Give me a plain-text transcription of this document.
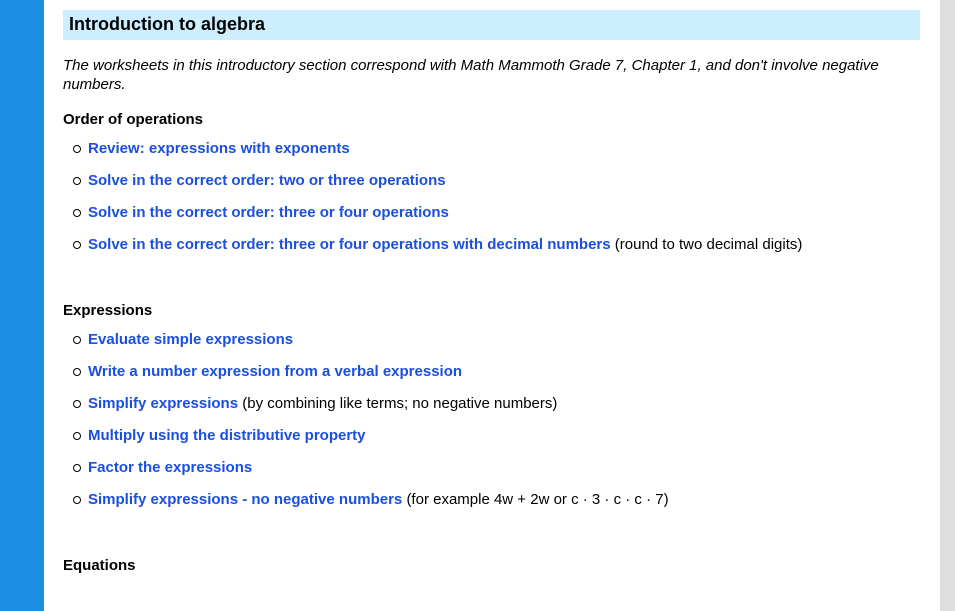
Introduction to algebra

The worksheets in this introductory section correspond with Math Mammoth Grade 7, Chapter 1, and don't involve negative numbers.

Order of operations
Review: expressions with exponents
Solve in the correct order: two or three operations
Solve in the correct order: three or four operations
Solve in the correct order: three or four operations with decimal numbers (round to two decimal digits)
Expressions
Evaluate simple expressions
Write a number expression from a verbal expression
Simplify expressions (by combining like terms; no negative numbers)
Multiply using the distributive property
Factor the expressions
Simplify expressions - no negative numbers (for example 4w + 2w or c · 3 · c · c · 7)
Equations
